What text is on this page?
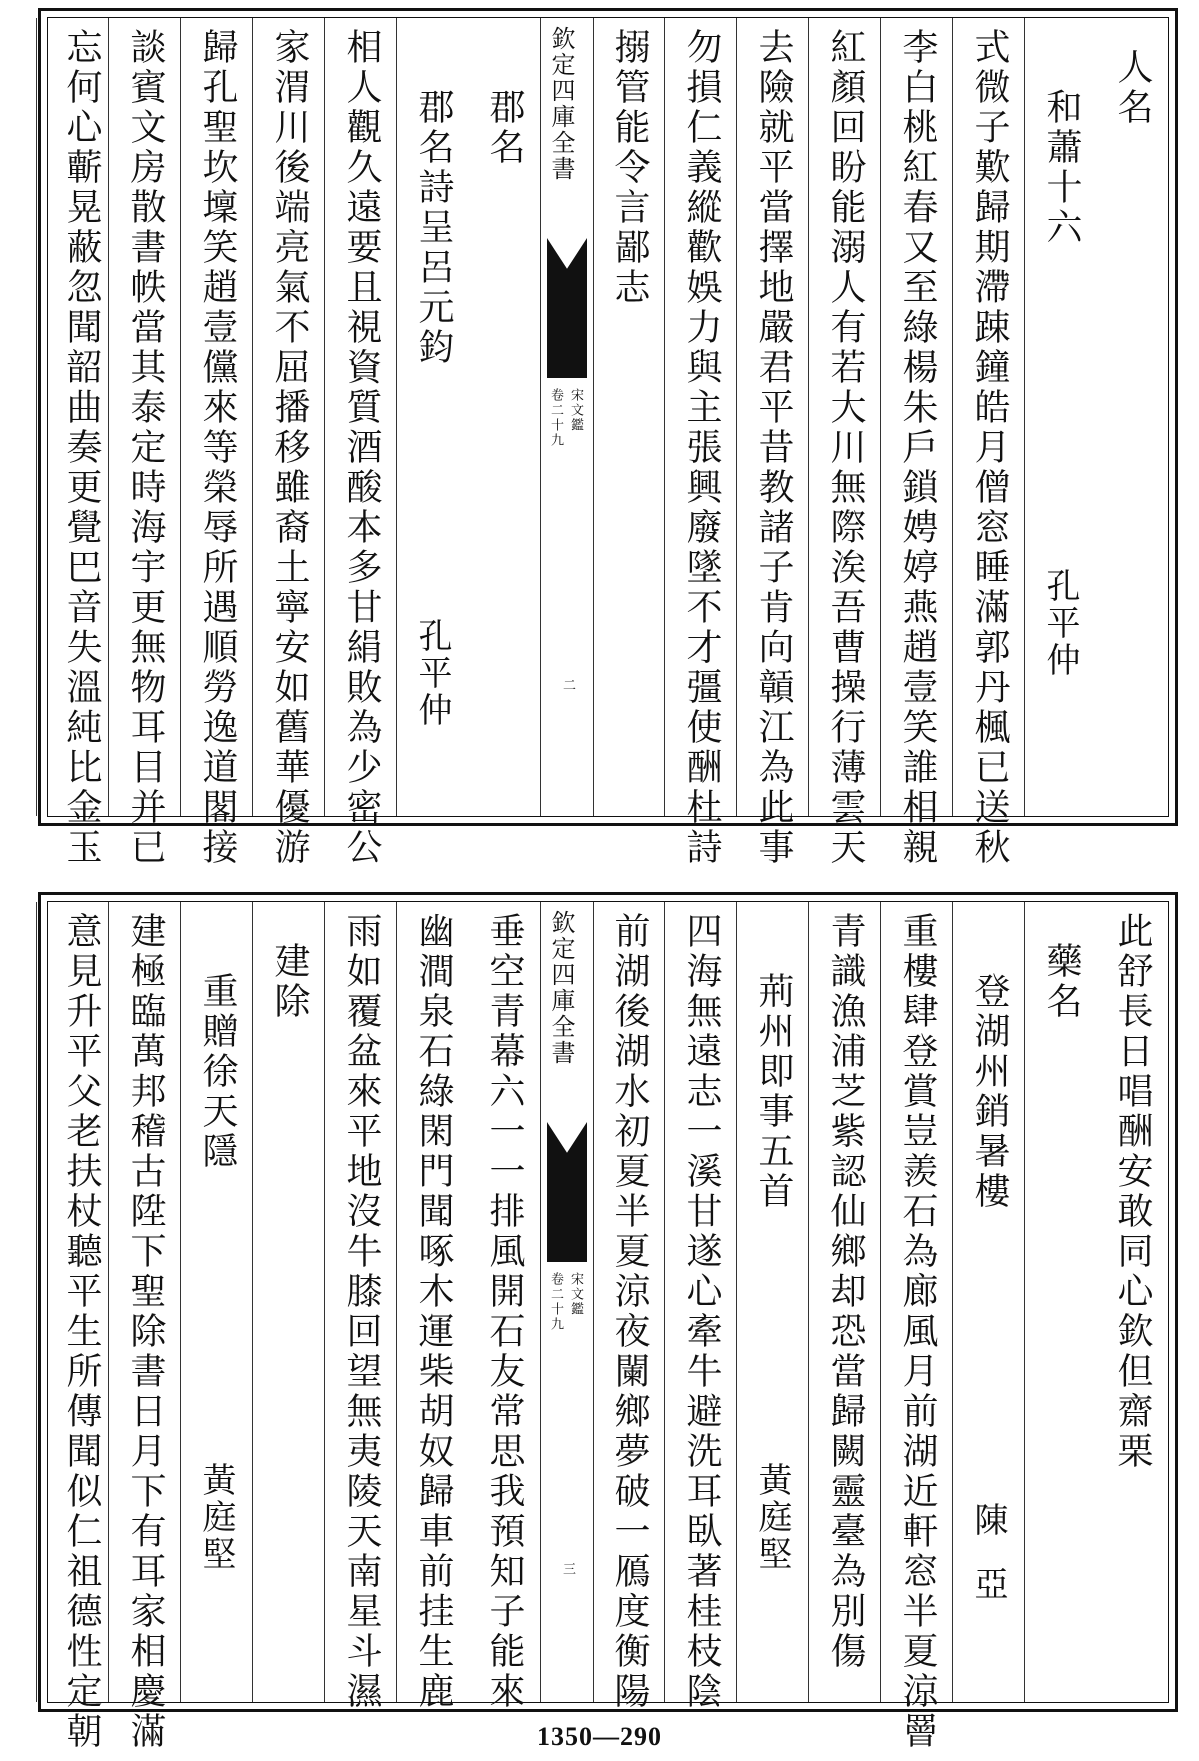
人名
和蕭十六
孔平仲
式微子歎歸期滯踈鐘皓月僧窓睡滿郭丹楓已送秋
李白桃紅春又至綠楊朱戶鎖娉婷燕趙壹笑誰相親
紅顏回盼能溺人有若大川無際涘吾曹操行薄雲天
去險就平當擇地嚴君平昔教諸子肯向贑江為此事
勿損仁義縱歡娛力與主張興廢墜不才彊使酬杜詩
搦管能令言鄙志
欽定四庫全書
宋文鑑
卷二十九
二
郡名
郡名詩呈呂元鈞
孔平仲
相人觀久遠要且視資質酒酸本多甘絹敗為少密公
家渭川後端亮氣不屈播移雖裔土寧安如舊華優游
歸孔聖坎壈笑趙壹儻來等榮辱所遇順勞逸道閣接
談賓文房散書帙當其泰定時海宇更無物耳目并已
忘何心蘄晃蔽忽聞韶曲奏更覺巴音失溫純比金玉
此舒長日唱酬安敢同心欽但齋栗
藥名
登湖州銷暑樓
陳亞
重樓肆登賞豈羨石為廊風月前湖近軒窓半夏涼罾
青識漁浦芝紫認仙鄉却恐當歸闕靈臺為別傷
荊州即事五首
黃庭堅
四海無遠志一溪甘遂心牽牛避洗耳臥著桂枝陰
前湖後湖水初夏半夏涼夜闌鄉夢破一鴈度衡陽
欽定四庫全書
宋文鑑
卷二十九
三
垂空青幕六一一排風開石友常思我預知子能來
幽澗泉石綠閑門聞啄木運柴胡奴歸車前挂生鹿
雨如覆盆來平地沒牛膝回望無夷陵天南星斗濕
建除
重贈徐天隱
黃庭堅
建極臨萬邦稽古陞下聖除書日月下有耳家相慶滿
意見升平父老扶杖聽平生所傳聞似仁祖德性定朝	1350—290
